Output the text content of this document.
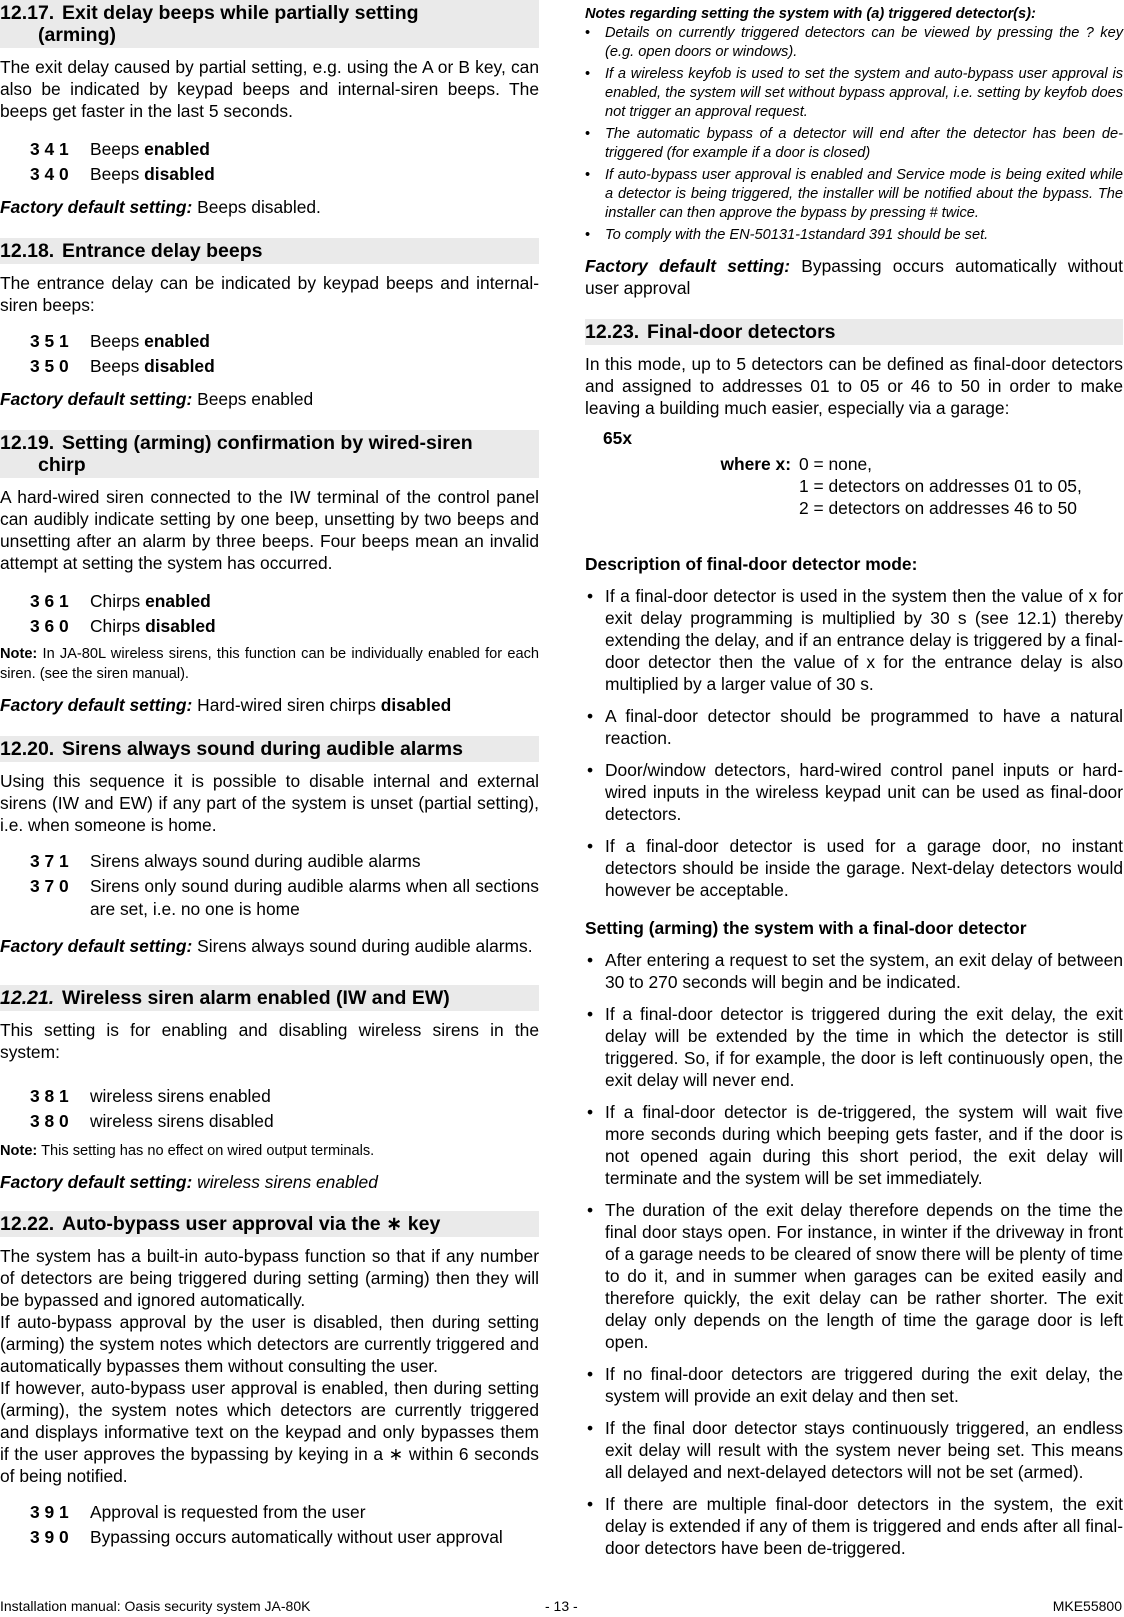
12.17. Exit delay beeps while partially setting
(arming)

The exit delay caused by partial setting, e.g. using the A or B key, can also be indicated by keypad beeps and internal-siren beeps. The beeps get faster in the last 5 seconds.

3 4 1	Beeps enabled
3 4 0	Beeps disabled

Factory default setting: Beeps disabled.

12.18. Entrance delay beeps

The entrance delay can be indicated by keypad beeps and internal-siren beeps:

3 5 1	Beeps enabled
3 5 0	Beeps disabled

Factory default setting: Beeps enabled

12.19. Setting (arming) confirmation by wired-siren
chirp

A hard-wired siren connected to the IW terminal of the control panel can audibly indicate setting by one beep, unsetting by two beeps and unsetting after an alarm by three beeps. Four beeps mean an invalid attempt at setting the system has occurred.

3 6 1	Chirps enabled
3 6 0	Chirps disabled

Note: In JA-80L wireless sirens, this function can be individually enabled for each siren. (see the siren manual).

Factory default setting: Hard-wired siren chirps disabled

12.20. Sirens always sound during audible alarms

Using this sequence it is possible to disable internal and external sirens (IW and EW) if any part of the system is unset (partial setting), i.e. when someone is home.

3 7 1	Sirens always sound during audible alarms
3 7 0	Sirens only sound during audible alarms when all sections are set, i.e. no one is home

Factory default setting: Sirens always sound during audible alarms.

12.21. Wireless siren alarm enabled (IW and EW)

This setting is for enabling and disabling wireless sirens in the system:

3 8 1	wireless sirens enabled
3 8 0	wireless sirens disabled

Note: This setting has no effect on wired output terminals.

Factory default setting: wireless sirens enabled

12.22. Auto-bypass user approval via the ∗ key

The system has a built-in auto-bypass function so that if any number of detectors are being triggered during setting (arming) then they will be bypassed and ignored automatically.

If auto-bypass approval by the user is disabled, then during setting (arming) the system notes which detectors are currently triggered and automatically bypasses them without consulting the user.

If however, auto-bypass user approval is enabled, then during setting (arming), the system notes which detectors are currently triggered and displays informative text on the keypad and only bypasses them if the user approves the bypassing by keying in a ∗ within 6 seconds of being notified.

3 9 1	Approval is requested from the user
3 9 0	Bypassing occurs automatically without user approval

Notes regarding setting the system with (a) triggered detector(s):

• Details on currently triggered detectors can be viewed by pressing the ? key (e.g. open doors or windows).
• If a wireless keyfob is used to set the system and auto-bypass user approval is enabled, the system will set without bypass approval, i.e. setting by keyfob does not trigger an approval request.
• The automatic bypass of a detector will end after the detector has been de-triggered (for example if a door is closed)
• If auto-bypass user approval is enabled and Service mode is being exited while a detector is being triggered, the installer will be notified about the bypass. The installer can then approve the bypass by pressing # twice.
• To comply with the EN-50131-1standard 391 should be set.

Factory default setting: Bypassing occurs automatically without user approval

12.23. Final-door detectors

In this mode, up to 5 detectors can be defined as final-door detectors and assigned to addresses 01 to 05 or 46 to 50 in order to make leaving a building much easier, especially via a garage:

65x
where x: 0 = none,
1 = detectors on addresses 01 to 05,
2 = detectors on addresses 46 to 50
Description of final-door detector mode:
• If a final-door detector is used in the system then the value of x for exit delay programming is multiplied by 30 s (see 12.1) thereby extending the delay, and if an entrance delay is triggered by a final-door detector then the value of x for the entrance delay is also multiplied by a larger value of 30 s.
• A final-door detector should be programmed to have a natural reaction.
• Door/window detectors, hard-wired control panel inputs or hard-wired inputs in the wireless keypad unit can be used as final-door detectors.
• If a final-door detector is used for a garage door, no instant detectors should be inside the garage. Next-delay detectors would however be acceptable.
Setting (arming) the system with a final-door detector
• After entering a request to set the system, an exit delay of between 30 to 270 seconds will begin and be indicated.
• If a final-door detector is triggered during the exit delay, the exit delay will be extended by the time in which the detector is still triggered. So, if for example, the door is left continuously open, the exit delay will never end.
• If a final-door detector is de-triggered, the system will wait five more seconds during which beeping gets faster, and if the door is not opened again during this short period, the exit delay will terminate and the system will be set immediately.
• The duration of the exit delay therefore depends on the time the final door stays open. For instance, in winter if the driveway in front of a garage needs to be cleared of snow there will be plenty of time to do it, and in summer when garages can be exited easily and therefore quickly, the exit delay can be rather shorter. The exit delay only depends on the length of time the garage door is left open.
• If no final-door detectors are triggered during the exit delay, the system will provide an exit delay and then set.
• If the final door detector stays continuously triggered, an endless exit delay will result with the system never being set. This means all delayed and next-delayed detectors will not be set (armed).
• If there are multiple final-door detectors in the system, the exit delay is extended if any of them is triggered and ends after all final-door detectors have been de-triggered.
Installation manual: Oasis security system JA-80K	- 13 -	MKE55800
